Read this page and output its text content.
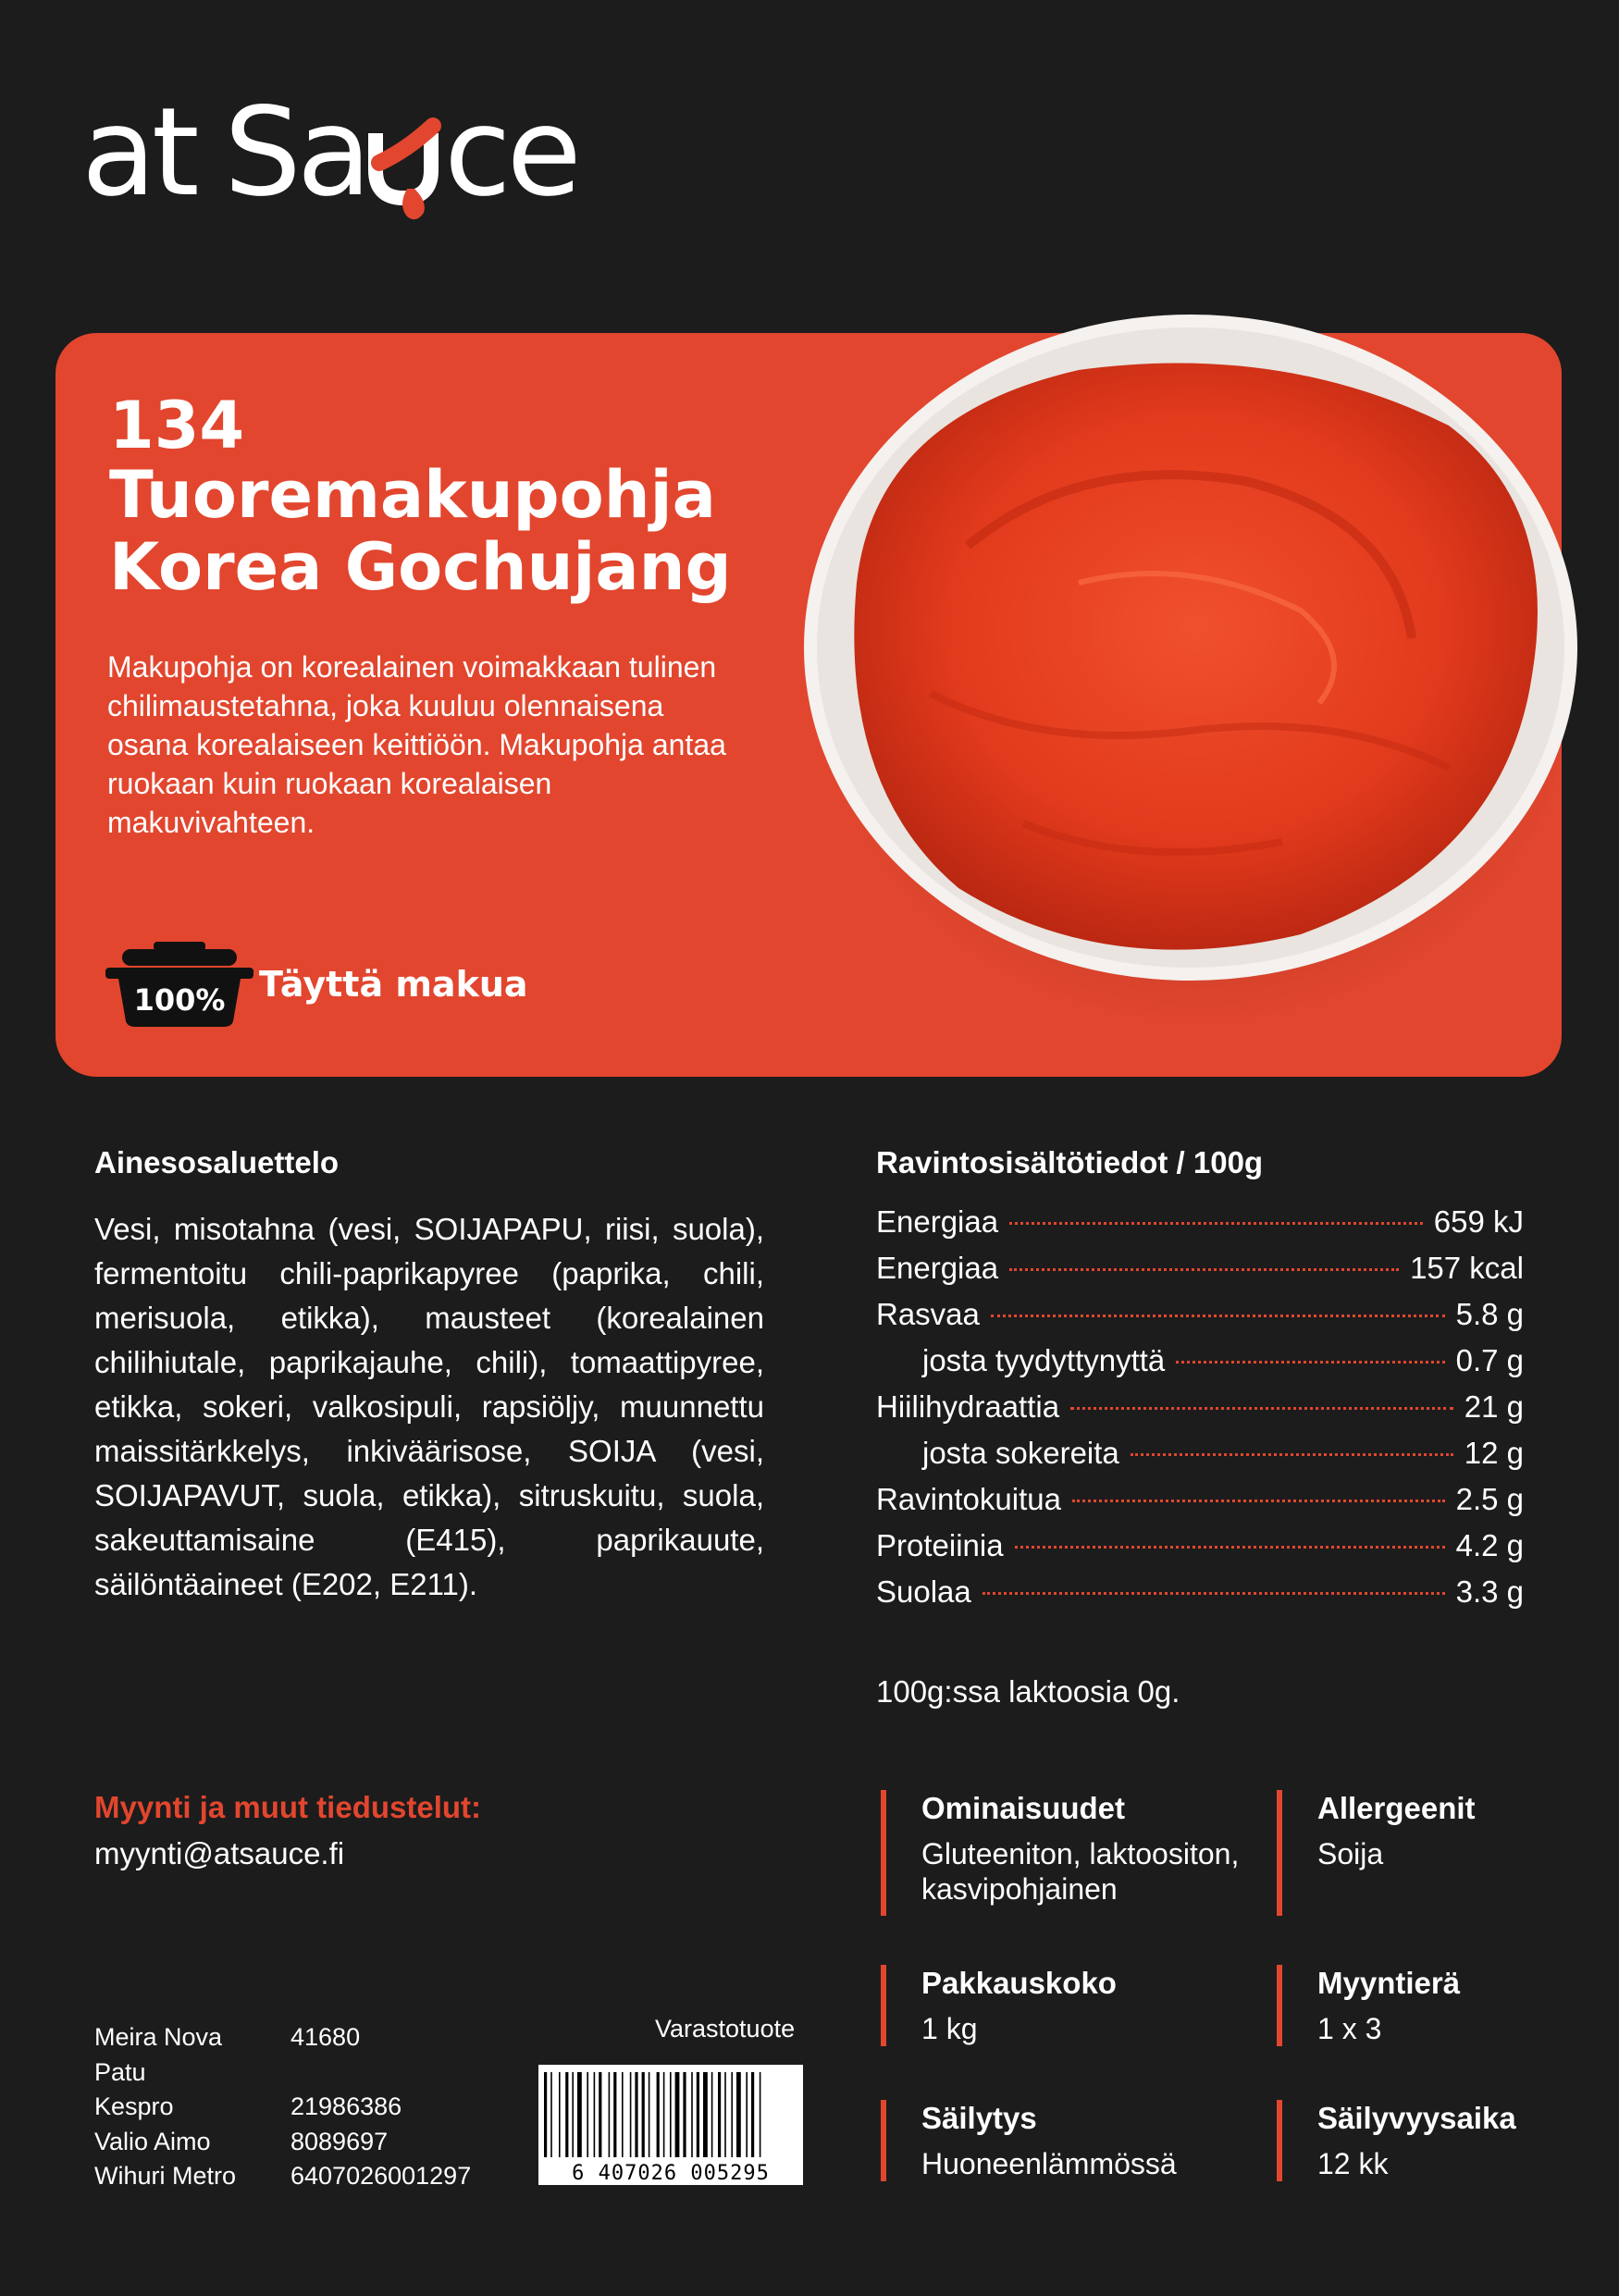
at Sa ce
134
Tuoremakupohja
Korea Gochujang
Makupohja on korealainen voimakkaan tulinen chilimaustetahna, joka kuuluu olennaisena osana korealaiseen keittiöön. Makupohja antaa ruokaan kuin ruokaan korealaisen makuvivahteen.
100% Täyttä makua
Ainesosaluettelo
Vesi, misotahna (vesi, SOIJAPAPU, riisi, suola), fermentoitu chili-paprikapyree (paprika, chili, merisuola, etikka), mausteet (korealainen chilihiutale, paprikajauhe, chili), tomaattipyree, etikka, sokeri, valkosipuli, rapsiöljy, muunnettu maissitärkkelys, inkiväärisose, SOIJA (vesi, SOIJAPAVUT, suola, etikka), sitruskuitu, suola, sakeuttamisaine (E415), paprikauute, säilöntäaineet (E202, E211).
Ravintosisältötiedot / 100g
Energiaa	659 kJ
Energiaa	157 kcal
Rasvaa	5.8 g
josta tyydyttynyttä	0.7 g
Hiilihydraattia	21 g
josta sokereita	12 g
Ravintokuitua	2.5 g
Proteiinia	4.2 g
Suolaa	3.3 g
100g:ssa laktoosia 0g.
Myynti ja muut tiedustelut:
myynti@atsauce.fi
Ominaisuudet
Gluteeniton, laktoositon, kasvipohjainen
Allergeenit
Soija
Pakkauskoko
1 kg
Myyntierä
1 x 3
Säilytys
Huoneenlämmössä
Säilyvyysaika
12 kk
Meira Nova	41680
Patu
Kespro	21986386
Valio Aimo	8089697
Wihuri Metro	6407026001297
Varastotuote
6 407026 005295
